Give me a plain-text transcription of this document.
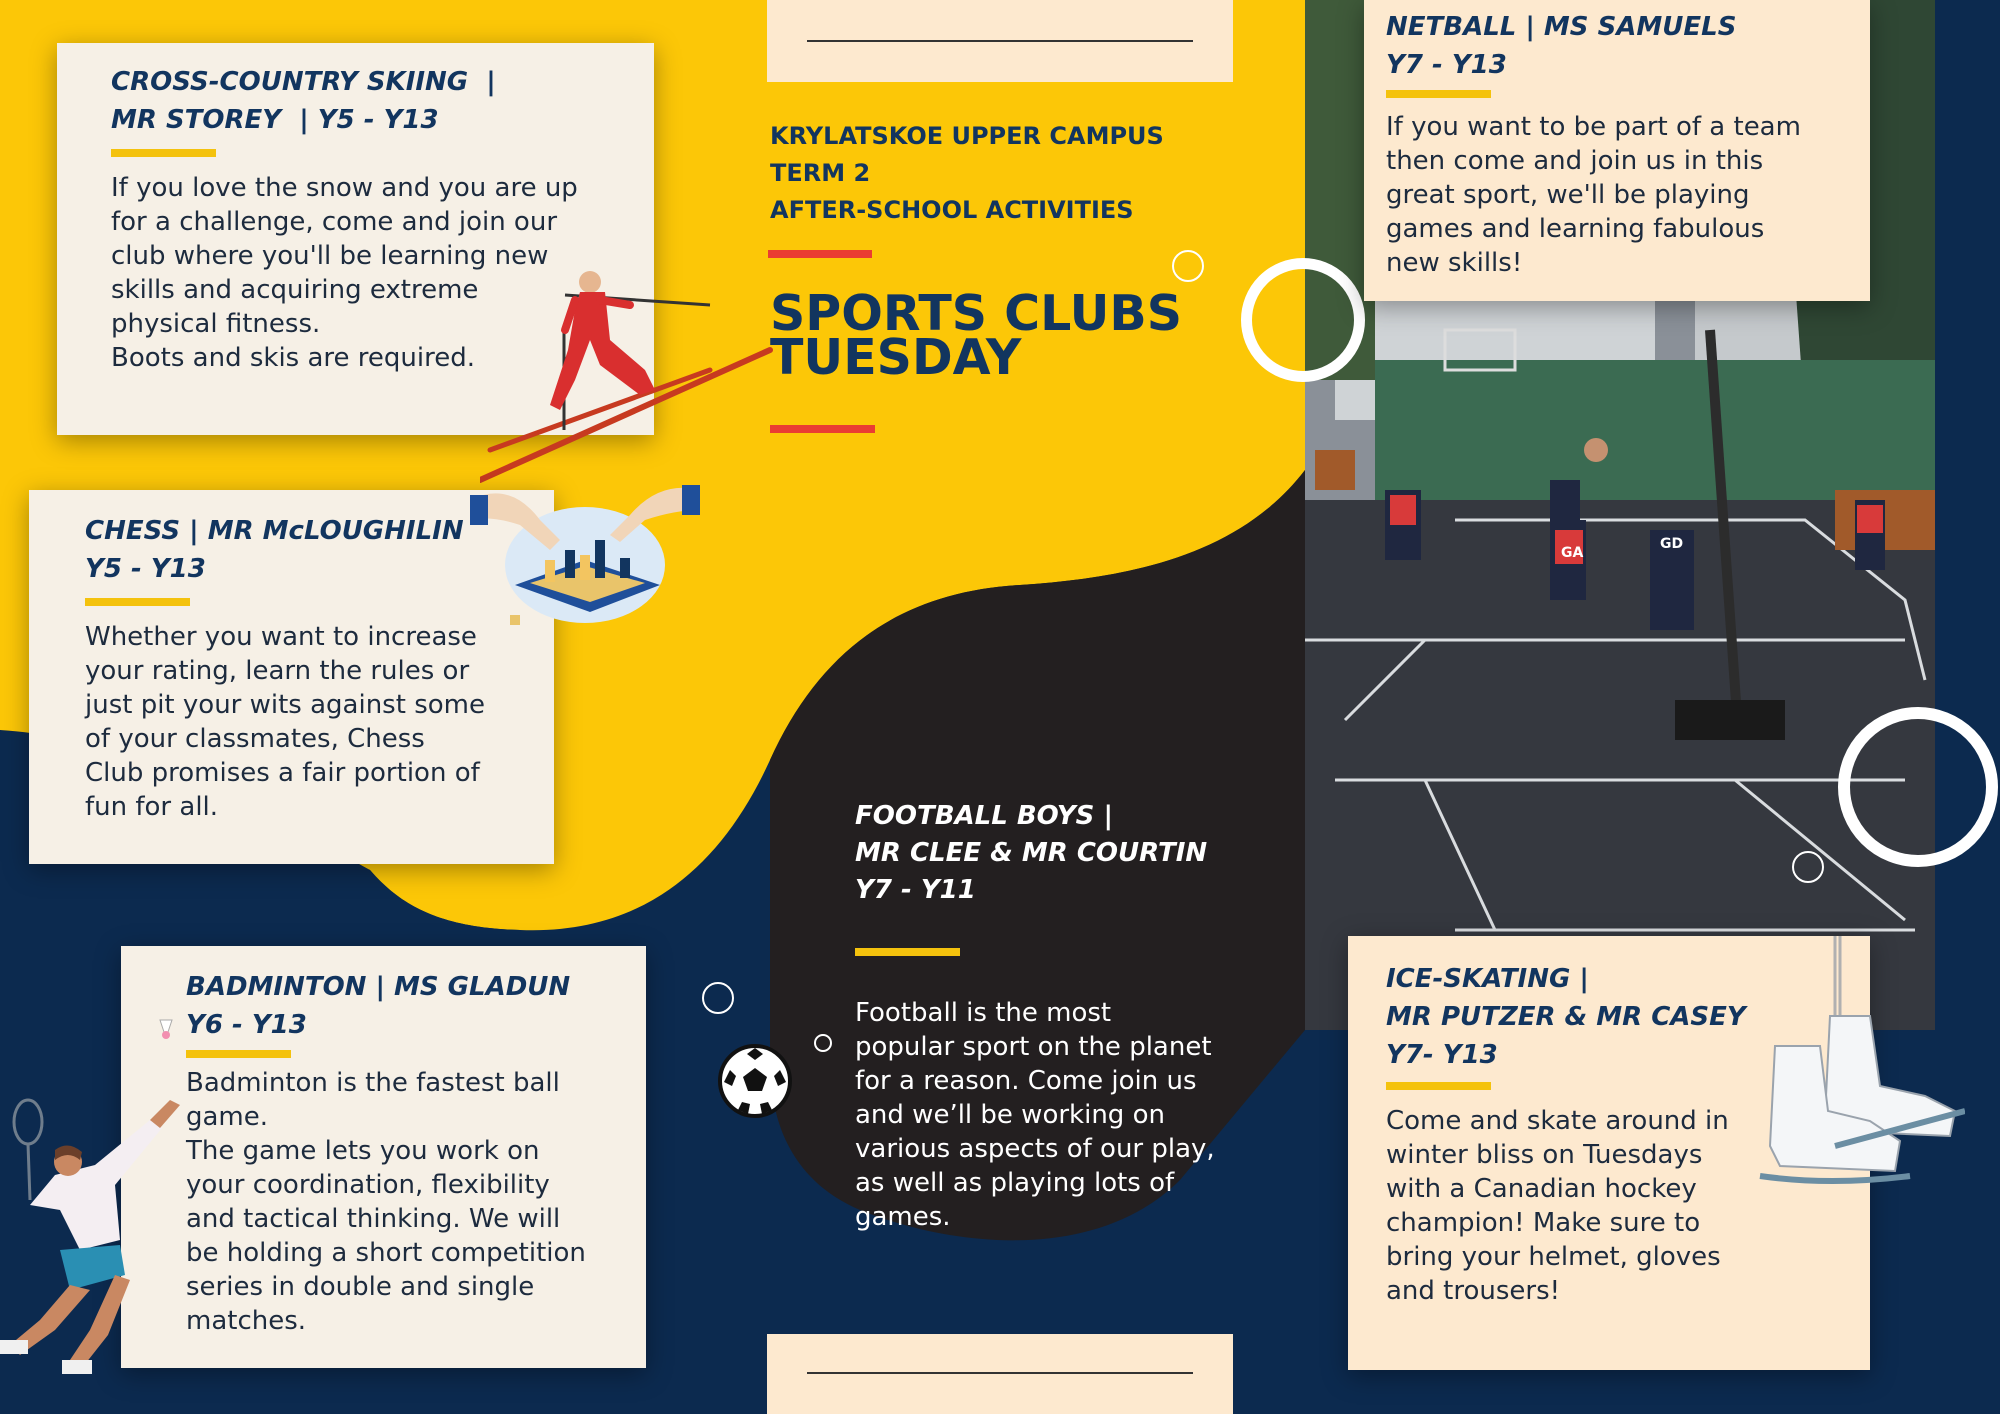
KRYLATSKOE UPPER CAMPUS
TERM 2
AFTER-SCHOOL ACTIVITIES
SPORTS CLUBS
TUESDAY
GA
GD
CROSS-COUNTRY SKIING  |
MR STOREY  | Y5 - Y13

If you love the snow and you are up
for a challenge, come and join our
club where you'll be learning new
skills and acquiring extreme
physical fitness.
Boots and skis are required.

CHESS | MR McLOUGHILIN
Y5 - Y13

Whether you want to increase
your rating, learn the rules or
just pit your wits against some
of your classmates, Chess
Club promises a fair portion of
fun for all.

BADMINTON | MS GLADUN
Y6 - Y13

Badminton is the fastest ball
game.
The game lets you work on
your coordination, flexibility
and tactical thinking. We will
be holding a short competition
series in double and single
matches.

FOOTBALL BOYS |
MR CLEE & MR COURTIN
Y7 - Y11
Football is the most
popular sport on the planet
for a reason. Come join us
and we’ll be working on
various aspects of our play,
as well as playing lots of
games.
NETBALL | MS SAMUELS
Y7 - Y13

If you want to be part of a team
then come and join us in this
great sport, we'll be playing
games and learning fabulous
new skills!

ICE-SKATING |
MR PUTZER & MR CASEY
Y7- Y13

Come and skate around in
winter bliss on Tuesdays
with a Canadian hockey
champion! Make sure to
bring your helmet, gloves
and trousers!
